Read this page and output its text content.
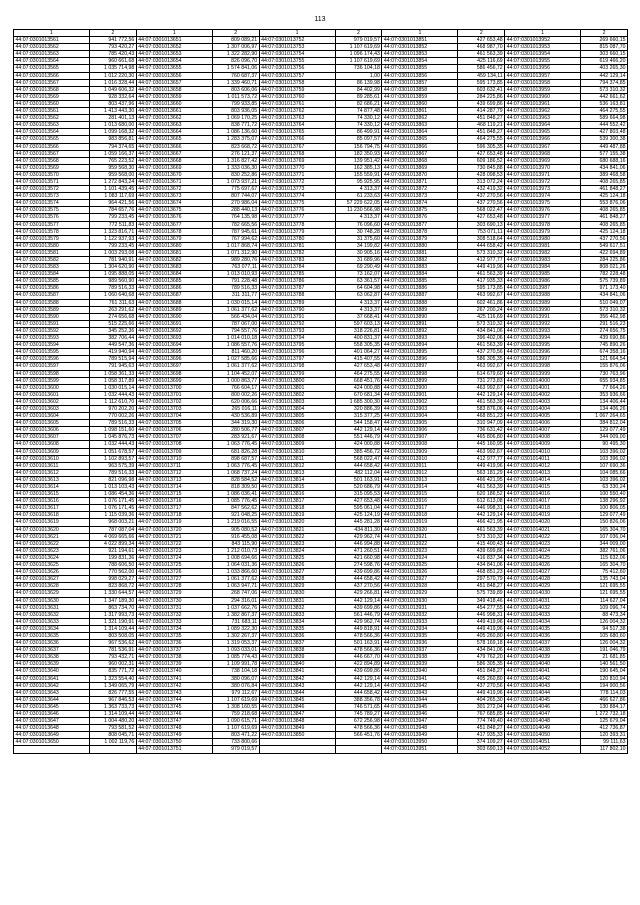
113
1	2	1	2	1	2	1	2	1	2
44:07:0301013561	941 772,56	44:07:0301013651	809 089,21	44:07:0301013752	979 019,57	44:07:0301013851	427 653,48	44:07:0301013952	269 660,15
44:07:0301013562	793 420,27	44:07:0301013652	1 307 006,97	44:07:0301013753	1 107 619,69	44:07:0301013852	468 987,70	44:07:0301013953	815 087,70
44:07:0301013563	785 420,43	44:07:0301013653	1 322 282,90	44:07:0301013754	1 096 174,43	44:07:0301013853	461 563,39	44:07:0301013954	303 660,15
44:07:0301013564	960 661,68	44:07:0301013654	826 096,70	44:07:0301013755	1 107 619,69	44:07:0301013854	425 116,69	44:07:0301013955	619 466,20
44:07:0301013565	1 035 714,98	44:07:0301013655	1 574 841,06	44:07:0301013756	736 104,18	44:07:0301013855	586 456,72	44:07:0301013956	403 265,30
44:07:0301013566	1 012 220,30	44:07:0301013656	760 687,37	44:07:0301013757	1,00	44:07:0301013856	459 134,11	44:07:0301013957	442 129,14
44:07:0301013567	1 016 328,44	44:07:0301013657	1 339 460,71	44:07:0301013758	86 139,98	44:07:0301013857	595 173,85	44:07:0301013958	794 374,85
44:07:0301013568	1 049 606,32	44:07:0301013658	803 606,06	44:07:0301013759	84 402,99	44:07:0301013858	603 632,41	44:07:0301013959	573 310,32
44:07:0301013569	928 332,64	44:07:0301013659	1 011 573,72	44:07:0301013760	89 285,61	44:07:0301013859	284 225,86	44:07:0301013960	442 661,62
44:07:0301013560	803 437,96	44:07:0301013660	799 933,85	44:07:0301013761	82 686,21	44:07:0301013860	439 699,86	44:07:0301013961	536 163,81
44:07:0301013561	1 413 443,30	44:07:0301013661	803 936,05	44:07:0301013762	74 877,48	44:07:0301013861	414 287,79	44:07:0301013962	464 275,55
44:07:0301013562	281 401,13	44:07:0301013662	1 069 170,25	44:07:0301013763	74 330,12	44:07:0301013862	451 848,27	44:07:0301013963	589 664,98
44:07:0301013563	1 013 680,00	44:07:0301013663	838 771,72	44:07:0301013764	74 330,12	44:07:0301013863	468 119,21	44:07:0301013964	444 552,42
44:07:0301013564	1 099 168,32	44:07:0301013664	1 086 136,60	44:07:0301013765	86 499,91	44:07:0301013864	451 848,27	44:07:0301013965	427 803,48
44:07:0301013565	983 856,81	44:07:0301013665	1 283 375,07	44:07:0301013766	85 097,57	44:07:0301013865	464 275,55	44:07:0301013966	539 300,38
44:07:0301013566	794 374,65	44:07:0301013666	823 668,72	44:07:0301013767	156 794,75	44:07:0301013866	596 305,35	44:07:0301013967	449 487,88
44:07:0301013567	1 059 166,37	44:07:0301013667	276 121,37	44:07:0301013768	182 350,93	44:07:0301013867	427 653,48	44:07:0301013968	577 155,38
44:07:0301013568	765 223,52	44:07:0301013668	1 316 827,42	44:07:0301013769	139 951,42	44:07:0301013868	609 186,52	44:07:0301013969	680 688,16
44:07:0301013569	959 568,30	44:07:0301013669	1 333 036,30	44:07:0301013770	162 385,13	44:07:0301013869	730 845,88	44:07:0301013970	434 841,06
44:07:0301013570	959 568,00	44:07:0301013670	830 252,86	44:07:0301013771	155 559,91	44:07:0301013870	428 098,53	44:07:0301013971	389 468,58
44:07:0301013571	1 272 843,24	44:07:0301013671	1 073 937,21	44:07:0301013772	95 925,95	44:07:0301013871	313 072,24	44:07:0301013972	408 265,85
44:07:0301013572	1 101 439,45	44:07:0301013672	775 697,67	44:07:0301013773	4 313,37	44:07:0301013872	432 419,32	44:07:0301013973	461 848,27
44:07:0301013573	1 083 117,69	44:07:0301013673	807 744,07	44:07:0301013774	61 233,63	44:07:0301013873	437 270,56	44:07:0301013974	425 124,18
44:07:0301013574	964 421,56	44:07:0301013674	270 986,04	44:07:0301013775	57 229 622,05	44:07:0301013874	437 270,56	44:07:0301013975	553 876,06
44:07:0301013575	784 657,76	44:07:0301013675	288 440,13	44:07:0301013776	11 230 566,98	44:07:0301013875	568 022,47	44:07:0301013976	408 265,85
44:07:0301013576	799 233,45	44:07:0301013676	764 135,98	44:07:0301013777	4 313,37	44:07:0301013876	427 653,48	44:07:0301013977	461 848,27
44:07:0301013577	772 511,83	44:07:0301013677	782 665,56	44:07:0301013778	76 096,60	44:07:0301013877	303 690,13	44:07:0301013978	408 265,85
44:07:0301013578	1 323 816,71	44:07:0301013678	787 945,61	44:07:0301013779	30 748,28	44:07:0301013878	753 071,11	44:07:0301013979	425 124,18
44:07:0301013579	1 122 937,93	44:07:0301013679	767 994,62	44:07:0301013780	31 375,60	44:07:0301013879	308 518,64	44:07:0301013980	437 270,56
44:07:0301013580	799 233,45	44:07:0301013680	1 017 868,74	44:07:0301013781	34 199,82	44:07:0301013880	444 658,42	44:07:0301013981	549 617,51
44:07:0301013581	1 003 293,08	44:07:0301013681	1 071 312,90	44:07:0301013782	30 905,16	44:07:0301013881	573 310,32	44:07:0301013982	422 694,89
44:07:0301013582	781 940,91	44:07:0301013682	989 280,76	44:07:0301013783	31 689,96	44:07:0301013882	412 977,77	44:07:0301013983	284 225,86
44:07:0301013583	1 304 620,90	44:07:0301013683	763 077,11	44:07:0301013784	69 290,49	44:07:0301013883	449 419,96	44:07:0301013984	808 021,26
44:07:0301013584	1 095 888,05	44:07:0301013684	1 013 010,93	44:07:0301013785	73 162,07	44:07:0301013884	461 563,39	44:07:0301013985	782 228,48
44:07:0301013585	989 560,90	44:07:0301013685	791 228,48	44:07:0301013786	63 361,57	44:07:0301013885	417 935,33	44:07:0301013986	575 739,89
44:07:0301013586	789 516,33	44:07:0301013686	789 516,33	44:07:0301013787	64 604,98	44:07:0301013886	595 173,85	44:07:0301013987	971 173,40
44:07:0301013587	1 060 640,68	44:07:0301013687	311 311,77	44:07:0301013788	63 062,87	44:07:0301013887	463 992,67	44:07:0301013988	434 841,06
44:07:0301013588	761 311,63	44:07:0301013688	1 030 015,14	44:07:0301013789	4 313,37	44:07:0301013888	602 461,86	44:07:0301013989	510 049,07
44:07:0301013589	263 291,62	44:07:0301013689	1 061 377,62	44:07:0301013790	4 313,37	44:07:0301013889	267 200,24	44:07:0301013990	573 310,32
44:07:0301013590	274 656,68	44:07:0301013690	566 434,04	44:07:0301013791	37 668,41	44:07:0301013890	425 116,69	44:07:0301013991	356 462,98
44:07:0301013591	515 225,66	44:07:0301013691	787 067,00	44:07:0301013792	597 603,13	44:07:0301013891	573 310,32	44:07:0301013992	291 516,23
44:07:0301013592	345 252,36	44:07:0301013692	794 557,76	44:07:0301013793	318 226,81	44:07:0301013892	434 841,06	44:07:0301013993	274 656,75
44:07:0301013593	382 706,44	44:07:0301013693	1 014 010,18	44:07:0301013794	400 831,37	44:07:0301013893	396 402,06	44:07:0301013994	439 690,86
44:07:0301013594	449 547,36	44:07:0301013694	1 086 557,76	44:07:0301013795	558 305,35	44:07:0301013894	461 563,39	44:07:0301013995	745 890,26
44:07:0301013595	419 940,94	44:07:0301013695	811 460,20	44:07:0301013796	401 064,27	44:07:0301013895	437 270,56	44:07:0301013996	674 358,16
44:07:0301013596	789 515,94	44:07:0301013696	1 027 585,66	44:07:0301013797	415 407,55	44:07:0301013896	586 305,35	44:07:0301013997	121 664,54
44:07:0301013597	791 945,63	44:07:0301013697	1 061 377,62	44:07:0301013798	427 653,48	44:07:0301013897	463 992,67	44:07:0301013998	155 876,06
44:07:0301013598	1 058 361,33	44:07:0301013698	1 104 452,07	44:07:0301013799	464 275,55	44:07:0301013898	614 679,60	44:07:0301013999	730 763,96
44:07:0301013599	1 058 317,89	44:07:0301013699	1 000 863,77	44:07:0301013800	668 451,76	44:07:0301013899	731 273,83	44:07:0301014000	655 934,85
44:07:0301013600	1 030 015,14	44:07:0301013700	766 604,17	44:07:0301013801	424 000,88	44:07:0301013900	463 992,67	44:07:0301014001	77 664,26
44:07:0301013601	1 032 444,43	44:07:0301013701	800 002,26	44:07:0301013802	670 681,34	44:07:0301013901	442 129,14	44:07:0301014002	353 936,66
44:07:0301013602	1 112 610,70	44:07:0301013702	620 006,66	44:07:0301013803	1 685 300,30	44:07:0301013902	461 563,39	44:07:0301014003	134 406,44
44:07:0301013603	970 202,20	44:07:0301013703	265 016,11	44:07:0301013804	320 886,39	44:07:0301013903	583 876,06	44:07:0301014004	134 406,26
44:07:0301013604	770 002,26	44:07:0301013704	430 536,89	44:07:0301013805	315 377,25	44:07:0301013904	468 851,23	44:07:0301014005	1 067 264,65
44:07:0301013605	789 516,33	44:07:0301013705	344 319,30	44:07:0301013806	544 158,47	44:07:0301013905	310 947,09	44:07:0301014006	384 812,04
44:07:0301013606	1 098 151,60	44:07:0301013706	280 506,77	44:07:0301013807	442 129,14	44:07:0301013906	736 631,42	44:07:0301014007	129 077,49
44:07:0301013607	1 045 876,73	44:07:0301013707	283 921,67	44:07:0301013808	551 446,79	44:07:0301013907	465 806,80	44:07:0301014008	344 009,00
44:07:0301013608	1 032 444,43	44:07:0301013708	1 063 776,45	44:07:0301013809	424 000,88	44:07:0301013908	445 160,95	44:07:0301014009	90 495,30
44:07:0301013609	1 051 678,57	44:07:0301013709	681 826,28	44:07:0301013810	385 456,72	44:07:0301013909	463 992,67	44:07:0301014010	103 396,02
44:07:0301013610	1 102 893,57	44:07:0301013710	898 687,57	44:07:0301013811	568 022,47	44:07:0301013910	412 977,77	44:07:0301014011	103 396,02
44:07:0301013611	963 575,39	44:07:0301013711	1 063 776,45	44:07:0301013812	444 658,42	44:07:0301013911	449 419,96	44:07:0301014012	107 690,36
44:07:0301013612	789 516,33	44:07:0301013712	1 068 737,24	44:07:0301013813	482 112,04	44:07:0301013912	563 181,29	44:07:0301014013	104 085,66
44:07:0301013613	821 096,98	44:07:0301013713	828 584,52	44:07:0301013814	501 163,91	44:07:0301013913	466 421,95	44:07:0301014014	103 396,02
44:07:0301013614	1 013 103,43	44:07:0301013714	818 309,50	44:07:0301013815	520 686,79	44:07:0301013914	461 563,39	44:07:0301014015	63 330,24
44:07:0301013615	1 086 454,36	44:07:0301013715	1 086 036,41	44:07:0301013816	315 095,53	44:07:0301013915	620 186,52	44:07:0301014016	100 550,40
44:07:0301013616	1 076 171,45	44:07:0301013716	1 085 776,45	44:07:0301013817	427 653,48	44:07:0301013916	612 613,08	44:07:0301014017	138 296,92
44:07:0301013617	1 076 171,45	44:07:0301013717	847 562,62	44:07:0301013818	595 061,04	44:07:0301013917	446 998,31	44:07:0301014018	100 806,05
44:07:0301013618	1 115 039,36	44:07:0301013718	921 048,25	44:07:0301013819	425 124,19	44:07:0301013918	442 129,14	44:07:0301014019	129 077,49
44:07:0301013619	968 003,21	44:07:0301013719	1 219 016,55	44:07:0301013820	445 281,28	44:07:0301013919	466 421,95	44:07:0301014020	150 826,06
44:07:0301013620	787 087,04	44:07:0301013720	905 080,52	44:07:0301013821	434 811,30	44:07:0301013920	461 563,39	44:07:0301014021	165 304,70
44:07:0301013621	4 069 665,66	44:07:0301013721	916 455,08	44:07:0301013822	429 962,74	44:07:0301013921	573 310,32	44:07:0301014022	107 036,04
44:07:0301013622	4 022 899,34	44:07:0301013722	843 115,90	44:07:0301013823	446 994,88	44:07:0301013922	415 400,43	44:07:0301014023	344 009,00
44:07:0301013623	921 194,61	44:07:0301013723	1 212 010,73	44:07:0301013824	471 260,51	44:07:0301013923	439 699,86	44:07:0301014024	382 761,06
44:07:0301013624	199 831,36	44:07:0301013724	1 008 694,66	44:07:0301013825	421 660,98	44:07:0301013924	416 837,34	44:07:0301014025	115 632,06
44:07:0301013625	788 606,50	44:07:0301013725	1 064 031,36	44:07:0301013826	274 598,76	44:07:0301013925	434 841,06	44:07:0301014026	165 304,70
44:07:0301013626	770 562,00	44:07:0301013726	1 033 866,60	44:07:0301013827	439 699,86	44:07:0301013926	468 851,23	44:07:0301014027	75 412,60
44:07:0301013627	998 029,27	44:07:0301013727	1 061 377,62	44:07:0301013828	444 658,42	44:07:0301013927	297 570,79	44:07:0301014028	135 743,04
44:07:0301013628	823 868,72	44:07:0301013728	1 063 947,71	44:07:0301013829	437 270,56	44:07:0301013928	451 848,27	44:07:0301014029	121 695,55
44:07:0301013629	1 330 644,57	44:07:0301013729	268 747,06	44:07:0301013830	429 266,81	44:07:0301013929	575 739,89	44:07:0301014030	121 695,55
44:07:0301013630	1 347 189,30	44:07:0301013730	294 316,01	44:07:0301013831	442 129,14	44:07:0301013930	349 418,46	44:07:0301014031	114 627,04
44:07:0301013631	863 734,70	44:07:0301013731	1 037 662,76	44:07:0301013832	439 699,86	44:07:0301013931	454 277,55	44:07:0301014032	109 096,74
44:07:0301013632	1 317 993,73	44:07:0301013732	1 382 867,37	44:07:0301013833	561 446,79	44:07:0301013932	446 998,31	44:07:0301014033	88 473,34
44:07:0301013633	1 321 190,91	44:07:0301013733	731 683,11	44:07:0301013834	429 962,74	44:07:0301013933	449 419,96	44:07:0301014034	126 004,32
44:07:0301013634	1 314 109,44	44:07:0301013734	1 089 322,30	44:07:0301013835	449 818,91	44:07:0301013934	449 419,96	44:07:0301014035	94 517,38
44:07:0301013635	803 508,05	44:07:0301013735	1 302 267,37	44:07:0301013836	478 566,36	44:07:0301013935	405 260,80	44:07:0301014036	105 680,60
44:07:0301013636	967 536,62	44:07:0301013736	1 319 053,37	44:07:0301013837	501 163,91	44:07:0301013936	578 169,18	44:07:0301014037	126 004,32
44:07:0301013637	781 536,91	44:07:0301013737	1 093 033,01	44:07:0301013838	478 566,36	44:07:0301013937	434 841,06	44:07:0301014038	191 046,79
44:07:0301013638	793 432,71	44:07:0301013738	1 085 774,43	44:07:0301013839	446 667,70	44:07:0301013938	479 762,20	44:07:0301014039	21 681,85
44:07:0301013639	960 002,31	44:07:0301013739	1 109 991,78	44:07:0301013840	422 894,89	44:07:0301013939	586 305,35	44:07:0301014040	140 561,50
44:07:0301013640	835 771,72	44:07:0301013740	738 104,18	44:07:0301013841	439 699,86	44:07:0301013940	451 848,27	44:07:0301014041	190 645,04
44:07:0301013641	1 323 554,40	44:07:0301013741	380 096,07	44:07:0301013842	442 129,14	44:07:0301013941	405 260,80	44:07:0301014042	120 810,94
44:07:0301013642	1 349 065,79	44:07:0301013742	380 076,84	44:07:0301013843	442 129,14	44:07:0301013942	437 270,56	44:07:0301014043	194 900,56
44:07:0301013643	826 777,55	44:07:0301013743	979 112,67	44:07:0301013844	444 658,42	44:07:0301013943	449 419,96	44:07:0301014044	778 114,03
44:07:0301013644	967 846,53	44:07:0301013744	1 107 619,69	44:07:0301013845	388 356,78	44:07:0301013944	404 265,30	44:07:0301014045	466 627,86
44:07:0301013645	1 363 733,73	44:07:0301013745	1 308 160,55	44:07:0301013846	746 571,65	44:07:0301013945	301 272,04	44:07:0301014046	130 884,17
44:07:0301013646	1 314 109,44	44:07:0301013746	759 218,68	44:07:0301013847	745 789,27	44:07:0301013946	767 685,85	44:07:0301014047	1 272 732,18
44:07:0301013647	1 004 480,20	44:07:0301013747	1 090 615,71	44:07:0301013848	672 256,98	44:07:0301013947	774 749,40	44:07:0301014048	125 679,04
44:07:0301013648	793 581,52	44:07:0301013748	1 107 619,69	44:07:0301013849	478 566,36	44:07:0301013948	451 848,27	44:07:0301014049	412 736,87
44:07:0301013649	808 045,71	44:07:0301013749	803 471,22	44:07:0301013850	566 451,76	44:07:0301013949	417 935,33	44:07:0301014050	120 393,31
44:07:0301013650	1 002 119,76	44:07:0301013750	733 800,66			44:07:0301013950	374 109,27	44:07:0301014051	99 111,63
		44:07:0301013751	979 019,57			44:07:0301013951	303 690,13	44:07:0301014052	117 802,10
